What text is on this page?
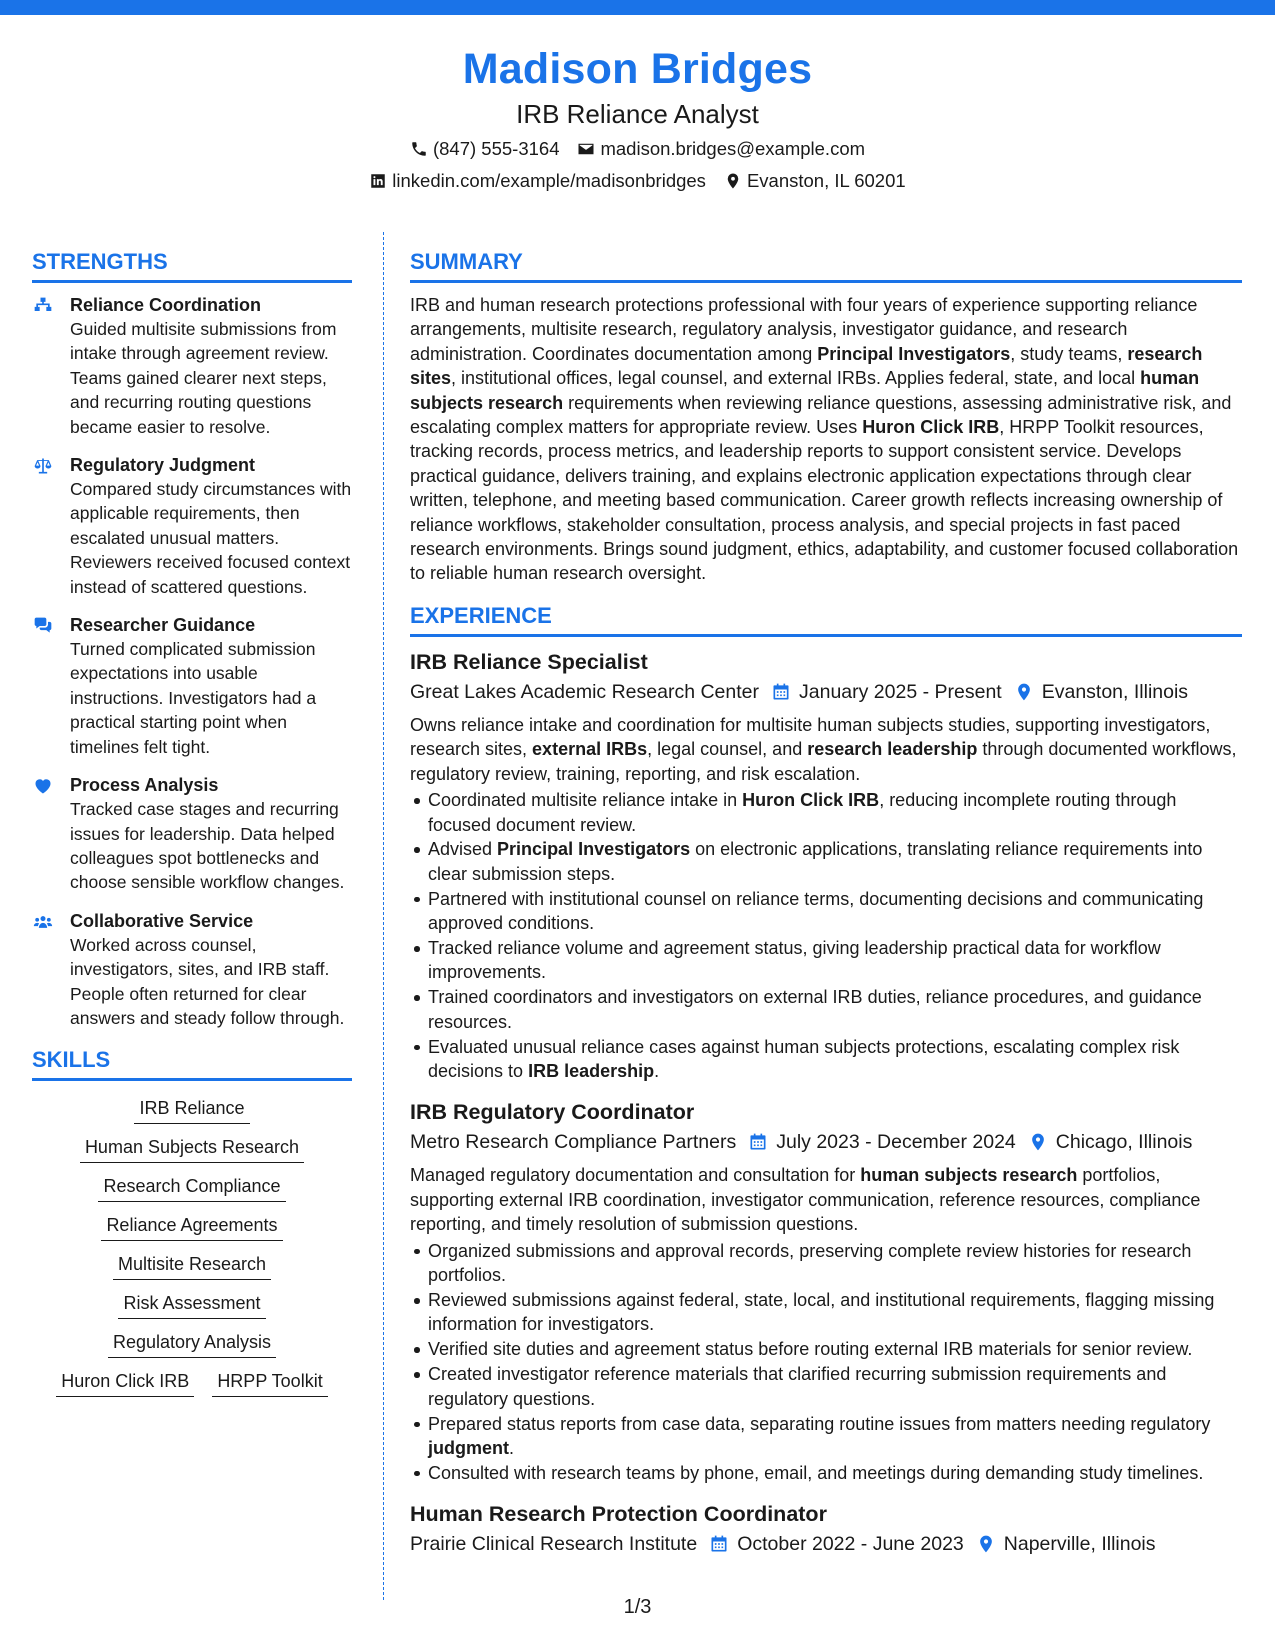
Madison Bridges
IRB Reliance Analyst
(847) 555-3164 madison.bridges@example.com
linkedin.com/example/madisonbridges Evanston, IL 60201
STRENGTHS
Reliance Coordination
Guided multisite submissions from intake through agreement review. Teams gained clearer next steps, and recurring routing questions became easier to resolve.
Regulatory Judgment
Compared study circumstances with applicable requirements, then escalated unusual matters. Reviewers received focused context instead of scattered questions.
Researcher Guidance
Turned complicated submission expectations into usable instructions. Investigators had a practical starting point when timelines felt tight.
Process Analysis
Tracked case stages and recurring issues for leadership. Data helped colleagues spot bottlenecks and choose sensible workflow changes.
Collaborative Service
Worked across counsel, investigators, sites, and IRB staff. People often returned for clear answers and steady follow through.
SKILLS
IRB Reliance
Human Subjects Research
Research Compliance
Reliance Agreements
Multisite Research
Risk Assessment
Regulatory Analysis
Huron Click IRB HRPP Toolkit
SUMMARY
IRB and human research protections professional with four years of experience supporting reliance arrangements, multisite research, regulatory analysis, investigator guidance, and research administration. Coordinates documentation among Principal Investigators, study teams, research sites, institutional offices, legal counsel, and external IRBs. Applies federal, state, and local human subjects research requirements when reviewing reliance questions, assessing administrative risk, and escalating complex matters for appropriate review. Uses Huron Click IRB, HRPP Toolkit resources, tracking records, process metrics, and leadership reports to support consistent service. Develops practical guidance, delivers training, and explains electronic application expectations through clear written, telephone, and meeting based communication. Career growth reflects increasing ownership of reliance workflows, stakeholder consultation, process analysis, and special projects in fast paced research environments. Brings sound judgment, ethics, adaptability, and customer focused collaboration to reliable human research oversight.
EXPERIENCE
IRB Reliance Specialist
Great Lakes Academic Research Center January 2025 - Present Evanston, Illinois
Owns reliance intake and coordination for multisite human subjects studies, supporting investigators, research sites, external IRBs, legal counsel, and research leadership through documented workflows, regulatory review, training, reporting, and risk escalation.
Coordinated multisite reliance intake in Huron Click IRB, reducing incomplete routing through focused document review.
Advised Principal Investigators on electronic applications, translating reliance requirements into clear submission steps.
Partnered with institutional counsel on reliance terms, documenting decisions and communicating approved conditions.
Tracked reliance volume and agreement status, giving leadership practical data for workflow improvements.
Trained coordinators and investigators on external IRB duties, reliance procedures, and guidance resources.
Evaluated unusual reliance cases against human subjects protections, escalating complex risk decisions to IRB leadership.
IRB Regulatory Coordinator
Metro Research Compliance Partners July 2023 - December 2024 Chicago, Illinois
Managed regulatory documentation and consultation for human subjects research portfolios, supporting external IRB coordination, investigator communication, reference resources, compliance reporting, and timely resolution of submission questions.
Organized submissions and approval records, preserving complete review histories for research portfolios.
Reviewed submissions against federal, state, local, and institutional requirements, flagging missing information for investigators.
Verified site duties and agreement status before routing external IRB materials for senior review.
Created investigator reference materials that clarified recurring submission requirements and regulatory questions.
Prepared status reports from case data, separating routine issues from matters needing regulatory judgment.
Consulted with research teams by phone, email, and meetings during demanding study timelines.
Human Research Protection Coordinator
Prairie Clinical Research Institute October 2022 - June 2023 Naperville, Illinois
1/3
